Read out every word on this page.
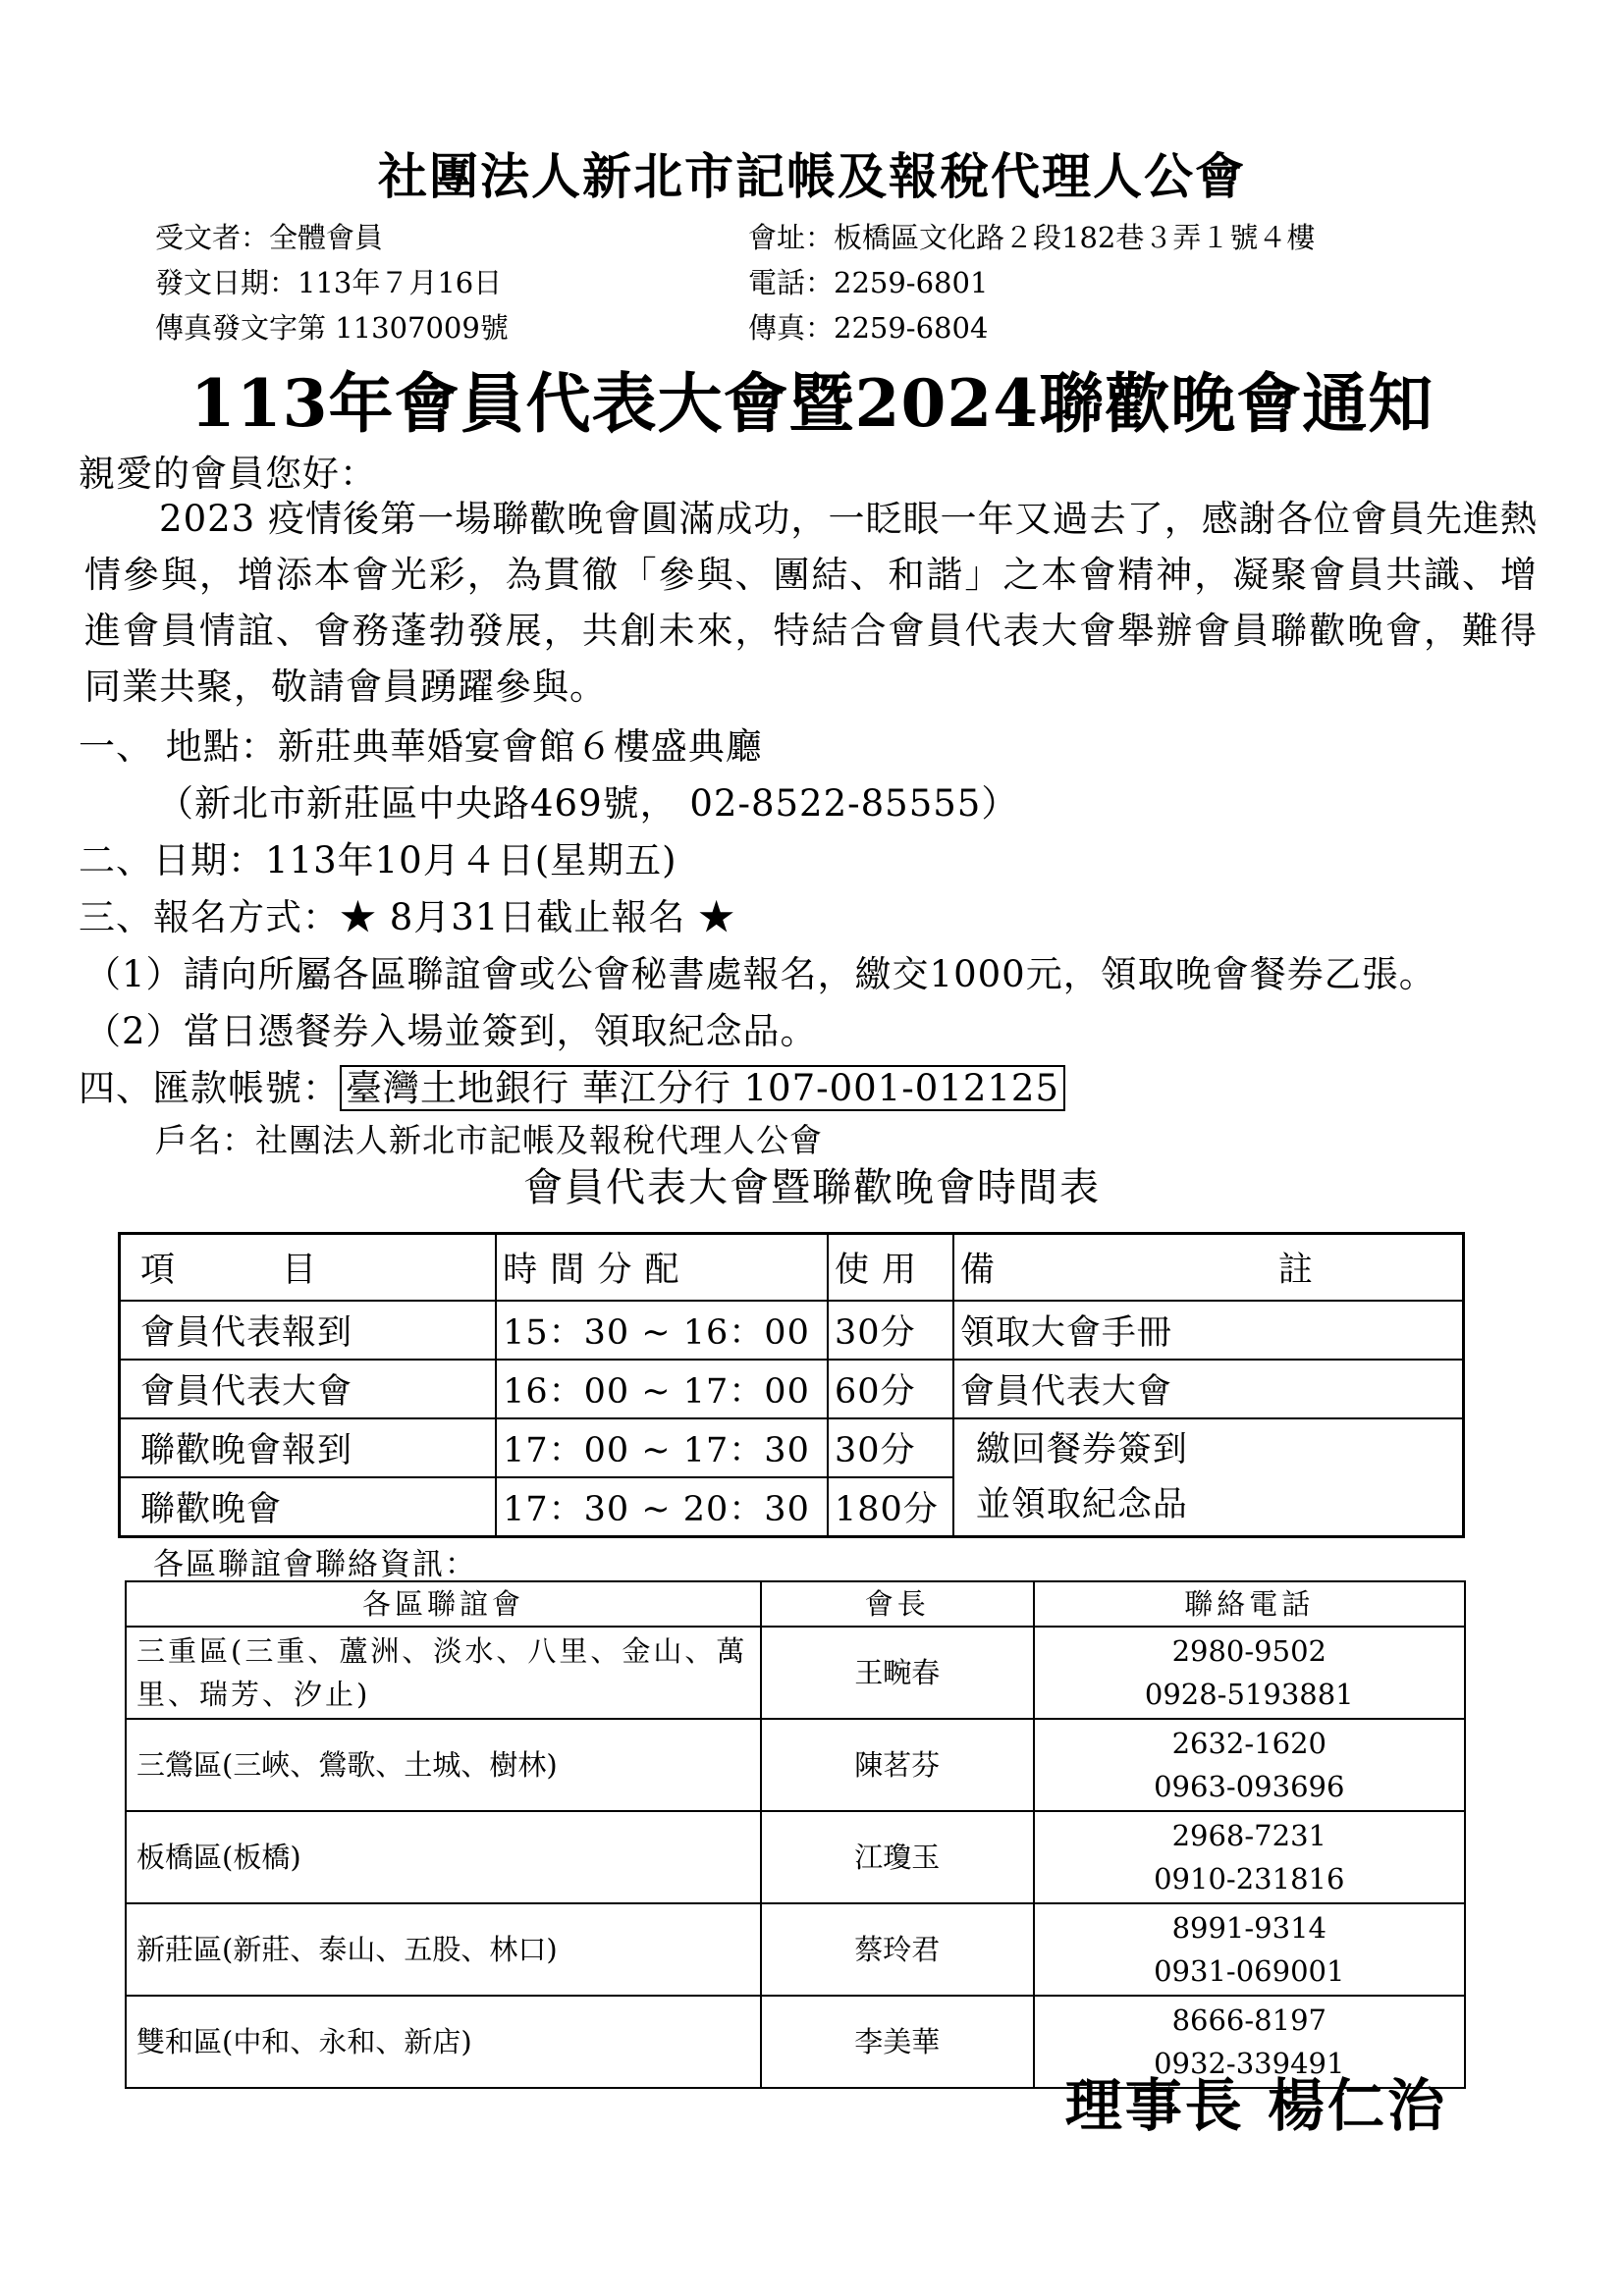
社團法人新北市記帳及報稅代理人公會
受文者：全體會員	會址：板橋區文化路２段182巷３弄１號４樓
發文日期：113年７月16日	電話：2259-6801
傳真發文字第 11307009號	傳真：2259-6804
113年會員代表大會暨2024聯歡晚會通知
親愛的會員您好：
　　2023 疫情後第一場聯歡晚會圓滿成功，一眨眼一年又過去了，感謝各位會員先進熱情參與，增添本會光彩，為貫徹「參與、團結、和諧」之本會精神，凝聚會員共識、增進會員情誼、會務蓬勃發展，共創未來，特結合會員代表大會舉辦會員聯歡晚會，難得同業共聚，敬請會員踴躍參與。
一、 地點：新莊典華婚宴會館６樓盛典廳
（新北市新莊區中央路469號， 02-8522-85555）
二、日期：113年10月４日(星期五)
三、報名方式：★ 8月31日截止報名 ★
（1）請向所屬各區聯誼會或公會秘書處報名，繳交1000元，領取晚會餐券乙張。
（2）當日憑餐券入場並簽到，領取紀念品。
四、匯款帳號： 臺灣土地銀行 華江分行 107-001-012125
戶名：社團法人新北市記帳及報稅代理人公會
會員代表大會暨聯歡晚會時間表
項　　　目	時 間 分 配	使 用	備　　　　　　　　註
會員代表報到	15：30 ~ 16：00	30分	領取大會手冊
會員代表大會	16：00 ~ 17：00	60分	會員代表大會
聯歡晚會報到	17：00 ~ 17：30	30分	繳回餐券簽到
並領取紀念品

聯歡晚會	17：30 ~ 20：30	180分	
各區聯誼會聯絡資訊：
各區聯誼會	會長	聯絡電話
三重區(三重、蘆洲、淡水、八里、金山、萬里、瑞芳、汐止)	王畹春	2980-9502
0928-5193881

三鶯區(三峽、鶯歌、土城、樹林)	陳茗芬	2632-1620
0963-093696

板橋區(板橋)	江瓊玉	2968-7231
0910-231816

新莊區(新莊、泰山、五股、林口)	蔡玲君	8991-9314
0931-069001

雙和區(中和、永和、新店)	李美華	8666-8197
0932-339491
理事長 楊仁治
